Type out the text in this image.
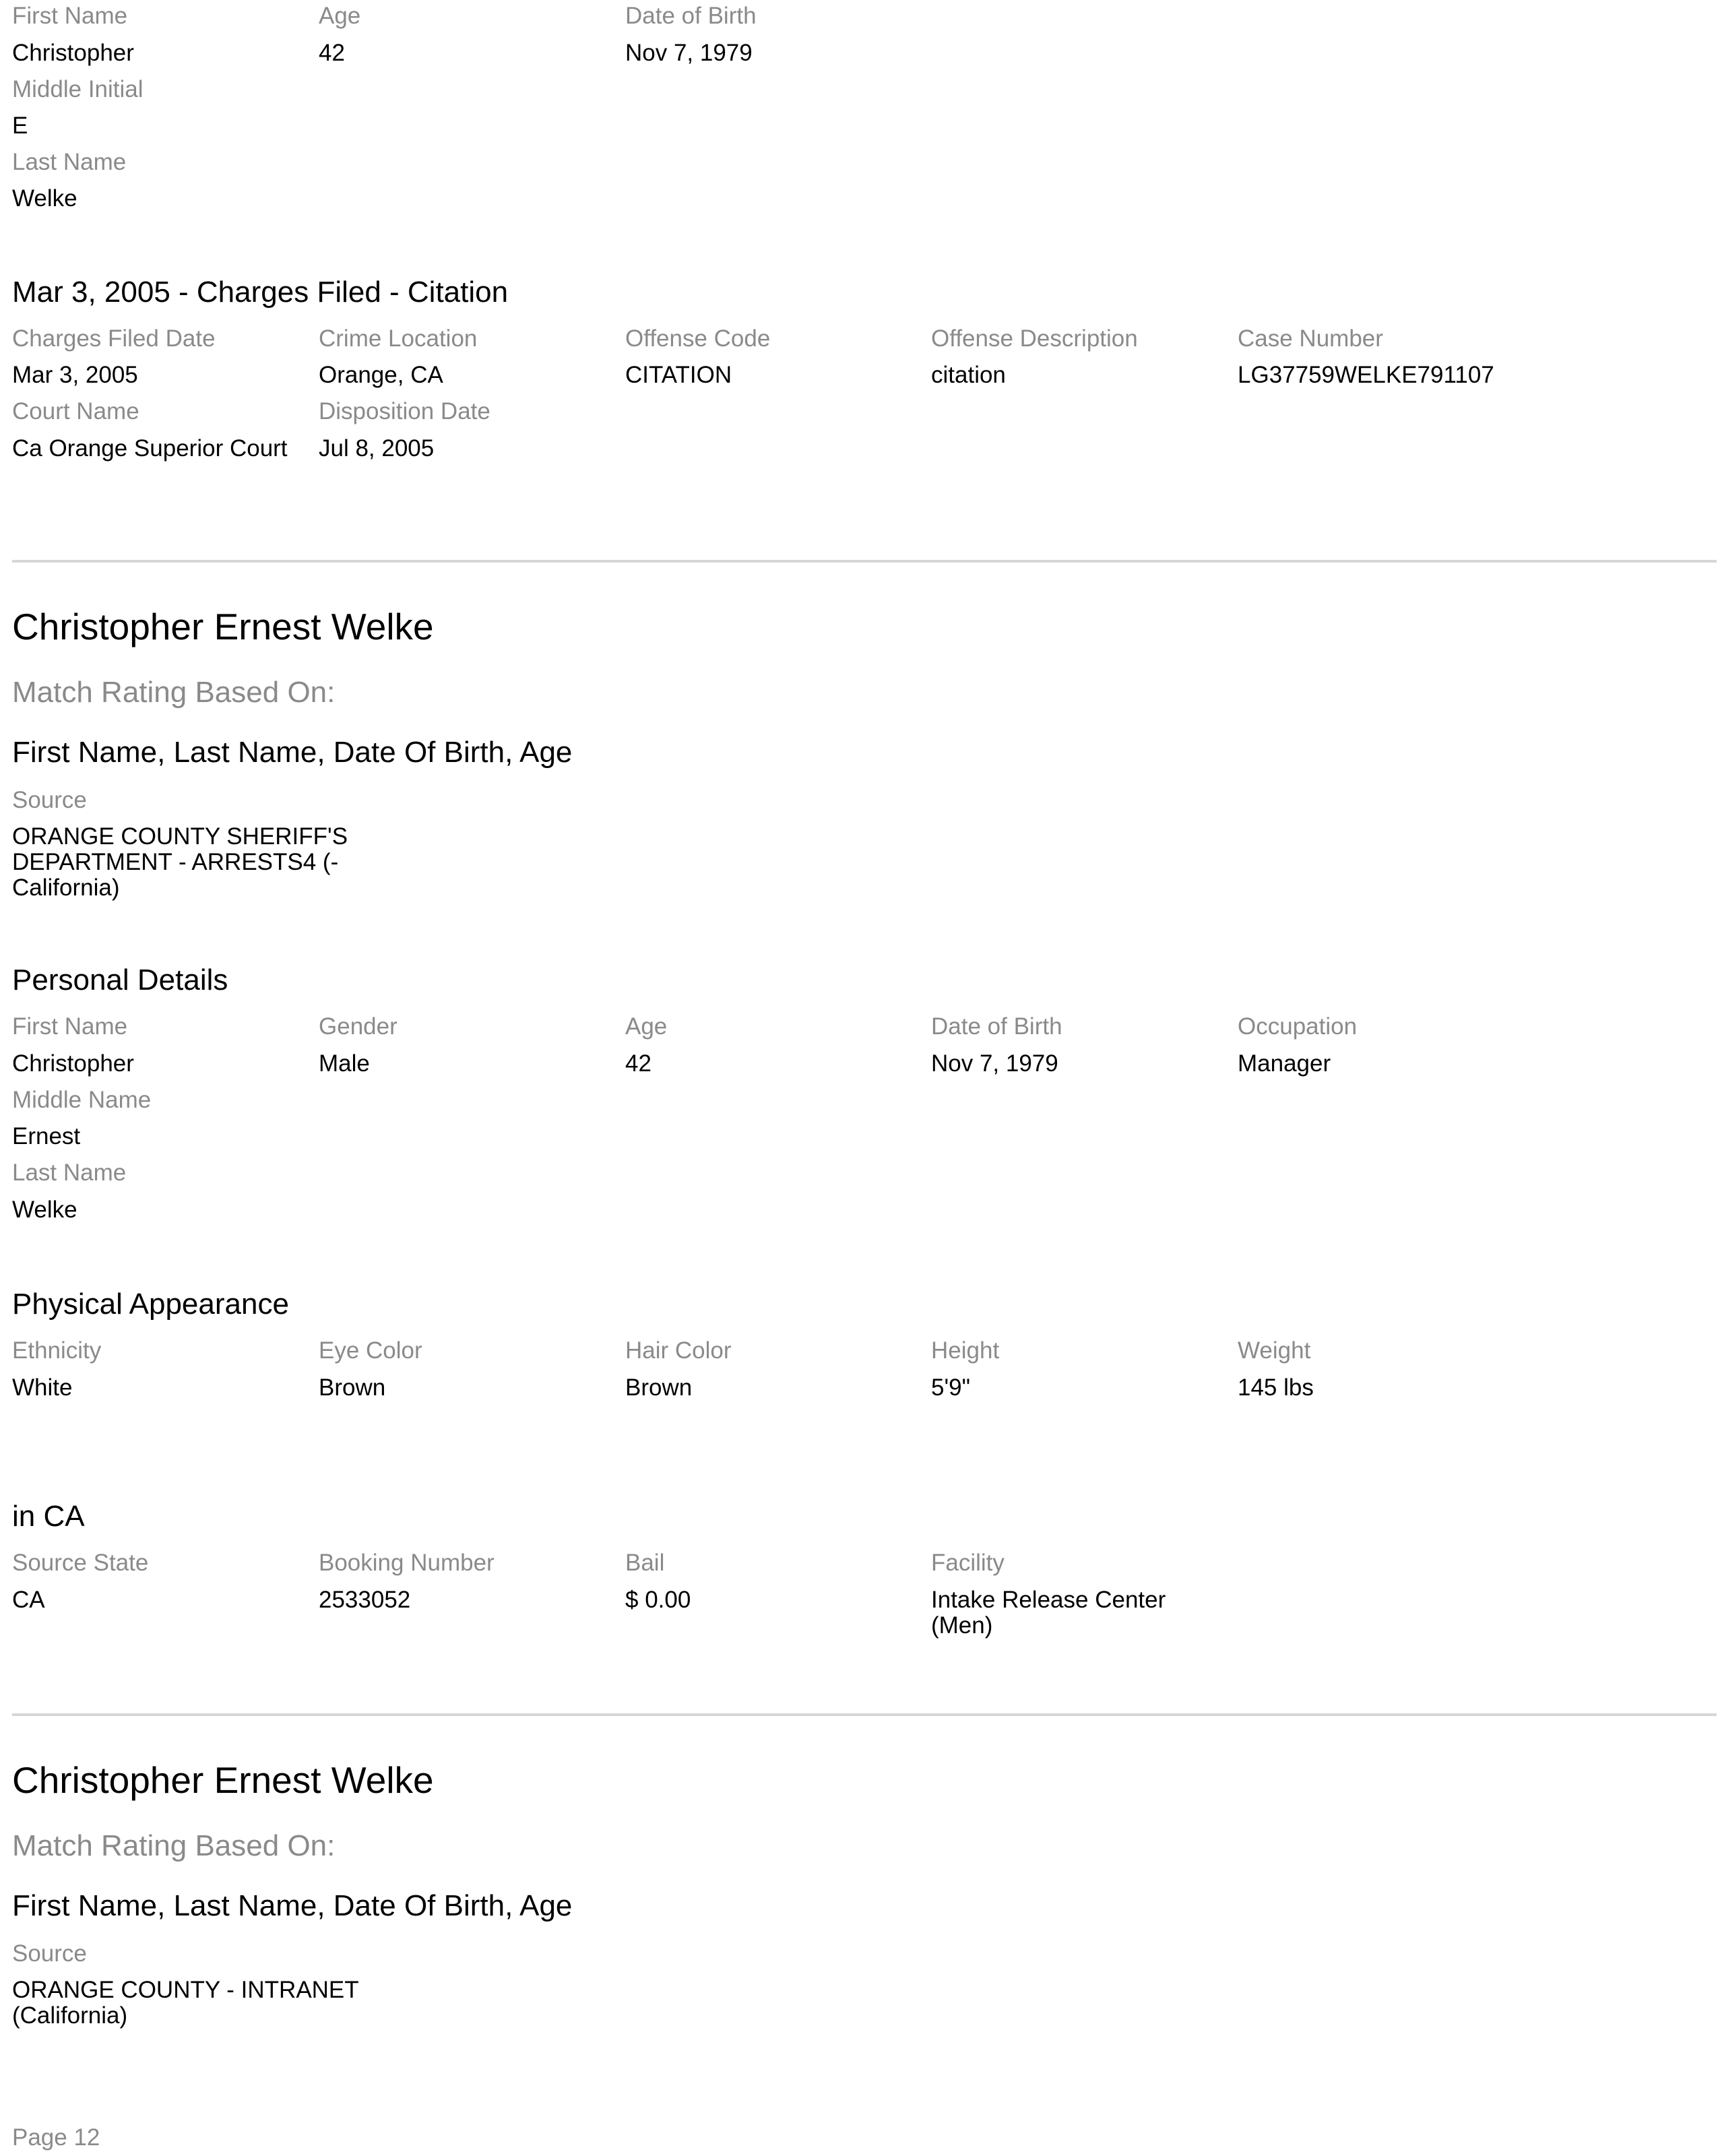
First Name
Christopher
Age
42
Date of Birth
Nov 7, 1979
Middle Initial
E
Last Name
Welke
Mar 3, 2005 - Charges Filed - Citation
Charges Filed Date
Mar 3, 2005
Crime Location
Orange, CA
Offense Code
CITATION
Offense Description
citation
Case Number
LG37759WELKE791107
Court Name
Ca Orange Superior Court
Disposition Date
Jul 8, 2005
Christopher Ernest Welke
Match Rating Based On:
First Name, Last Name, Date Of Birth, Age
Source
ORANGE COUNTY SHERIFF'S DEPARTMENT - ARRESTS4 (-California)
Personal Details
First Name
Christopher
Gender
Male
Age
42
Date of Birth
Nov 7, 1979
Occupation
Manager
Middle Name
Ernest
Last Name
Welke
Physical Appearance
Ethnicity
White
Eye Color
Brown
Hair Color
Brown
Height
5'9"
Weight
145 lbs
in CA
Source State
CA
Booking Number
2533052
Bail
$ 0.00
Facility
Intake Release Center (Men)
Christopher Ernest Welke
Match Rating Based On:
First Name, Last Name, Date Of Birth, Age
Source
ORANGE COUNTY - INTRANET (California)
Page 12
